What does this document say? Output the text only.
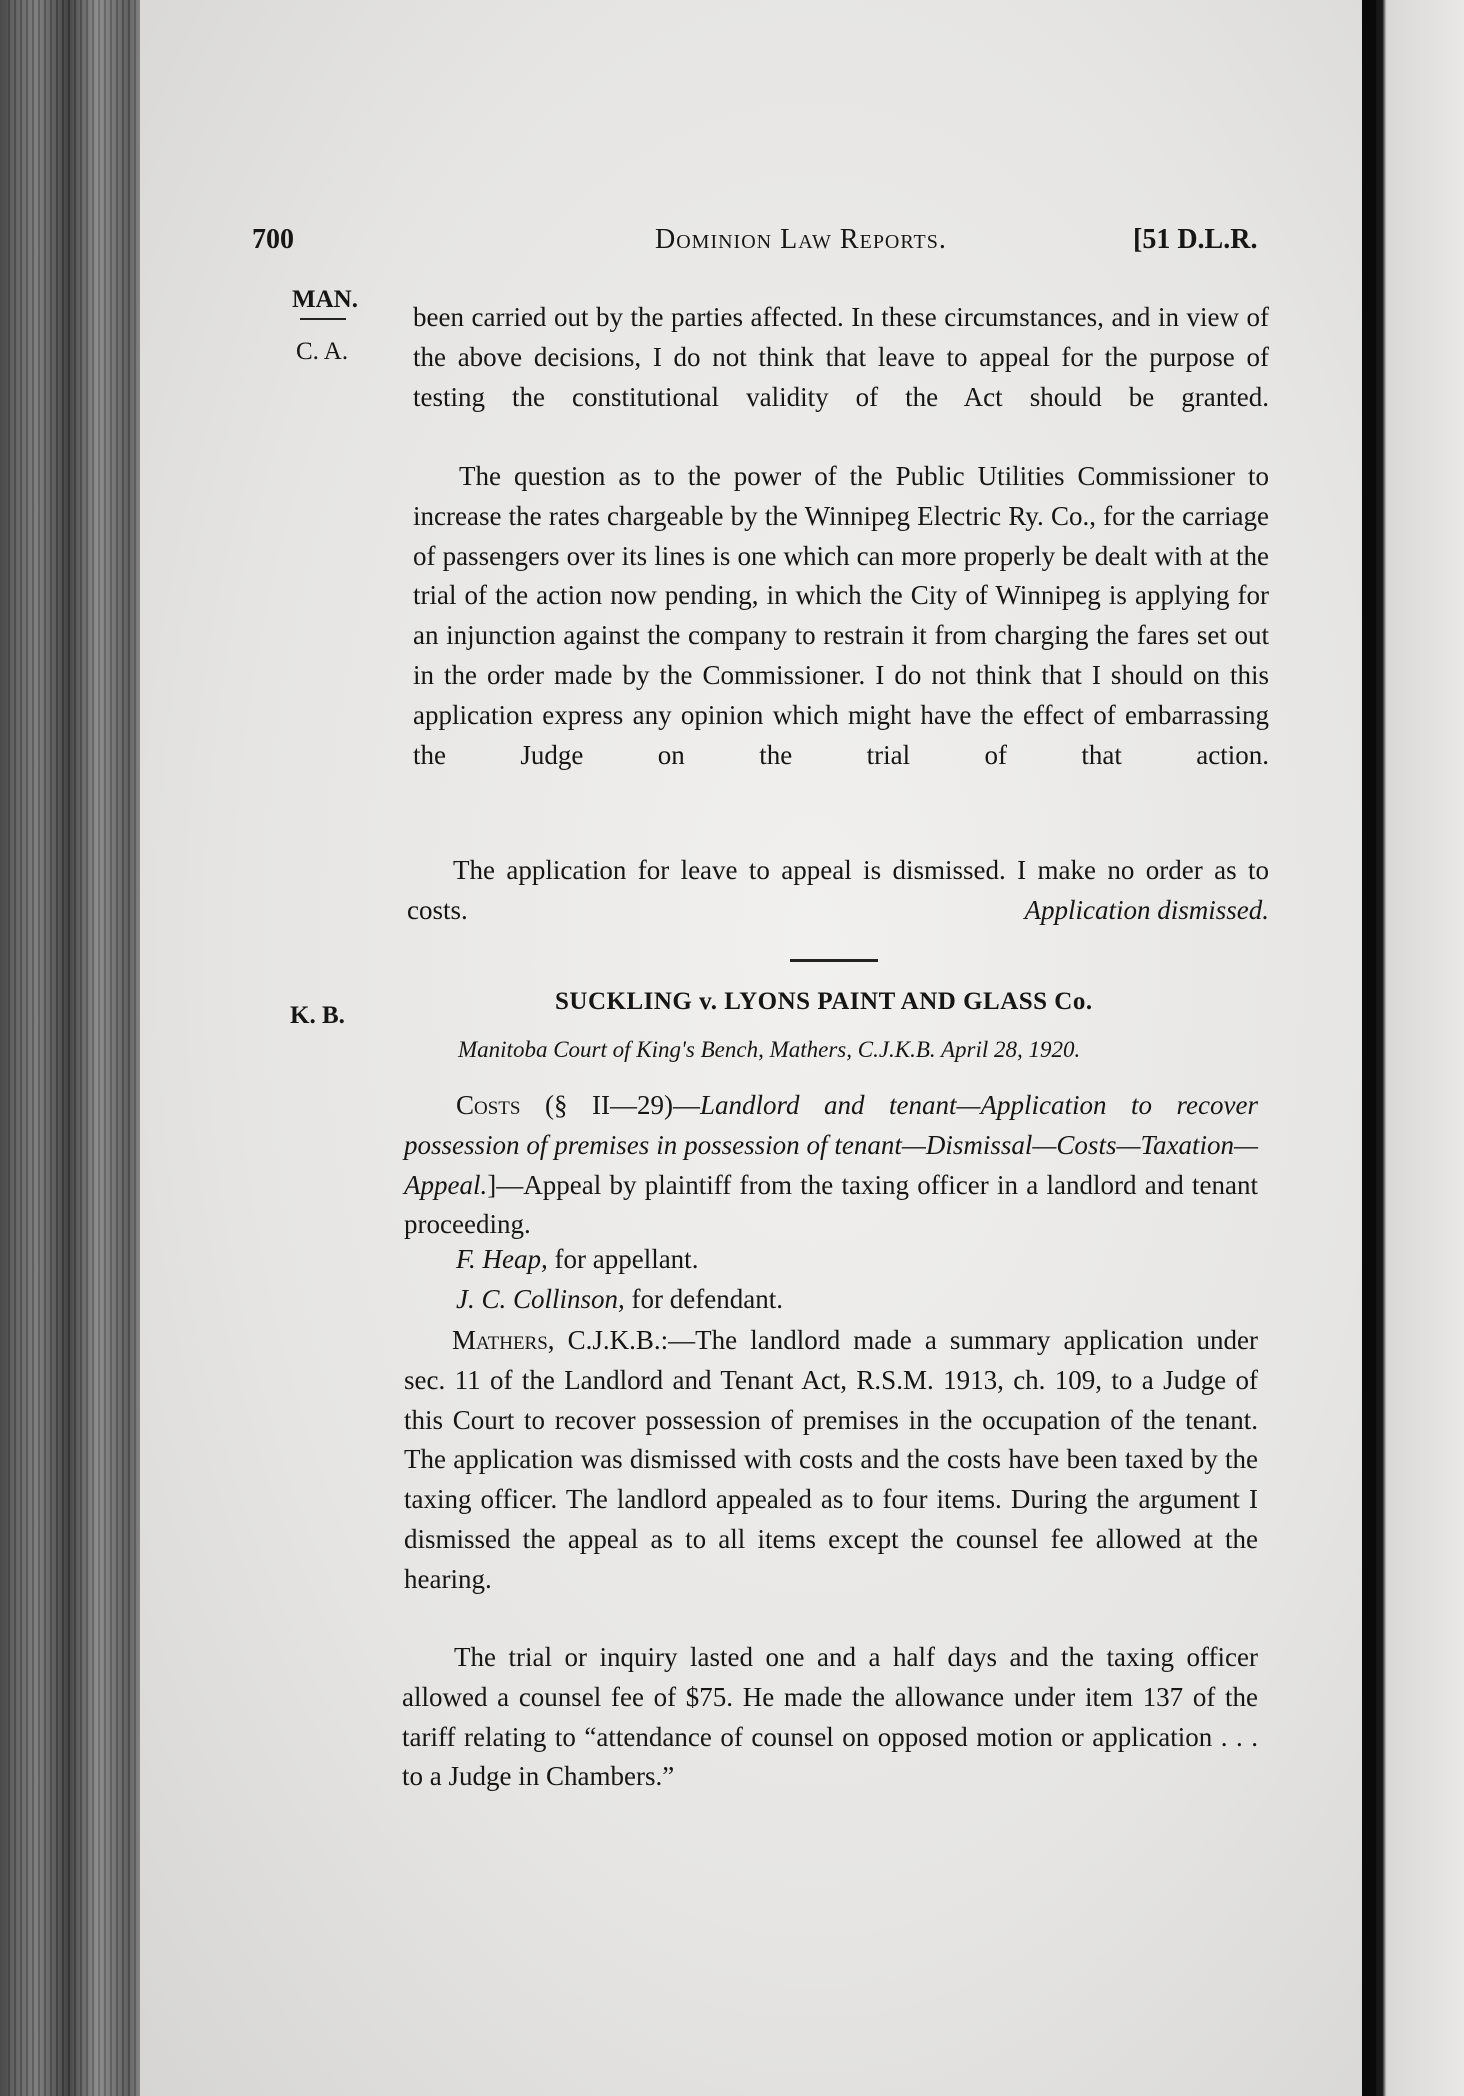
700	Dominion Law Reports.	[51 D.L.R.
MAN.
C. A.

been carried out by the parties affected. In these circumstances, and in view of the above decisions, I do not think that leave to appeal for the purpose of testing the constitutional validity of the Act should be granted.

The question as to the power of the Public Utilities Commissioner to increase the rates chargeable by the Winnipeg Electric Ry. Co., for the carriage of passengers over its lines is one which can more properly be dealt with at the trial of the action now pending, in which the City of Winnipeg is applying for an injunction against the company to restrain it from charging the fares set out in the order made by the Commissioner. I do not think that I should on this application express any opinion which might have the effect of embarrassing the Judge on the trial of that action.

The application for leave to appeal is dismissed. I make no order as to costs.	Application dismissed.

K. B.
SUCKLING v. LYONS PAINT AND GLASS Co.
Manitoba Court of King's Bench, Mathers, C.J.K.B. April 28, 1920.

Costs (§ II—29)—Landlord and tenant—Application to recover possession of premises in possession of tenant—Dismissal—Costs—Taxation—Appeal.]—Appeal by plaintiff from the taxing officer in a landlord and tenant proceeding.

F. Heap, for appellant.
J. C. Collinson, for defendant.

Mathers, C.J.K.B.:—The landlord made a summary application under sec. 11 of the Landlord and Tenant Act, R.S.M. 1913, ch. 109, to a Judge of this Court to recover possession of premises in the occupation of the tenant. The application was dismissed with costs and the costs have been taxed by the taxing officer. The landlord appealed as to four items. During the argument I dismissed the appeal as to all items except the counsel fee allowed at the hearing.

The trial or inquiry lasted one and a half days and the taxing officer allowed a counsel fee of $75. He made the allowance under item 137 of the tariff relating to “attendance of counsel on opposed motion or application . . . to a Judge in Chambers.”
